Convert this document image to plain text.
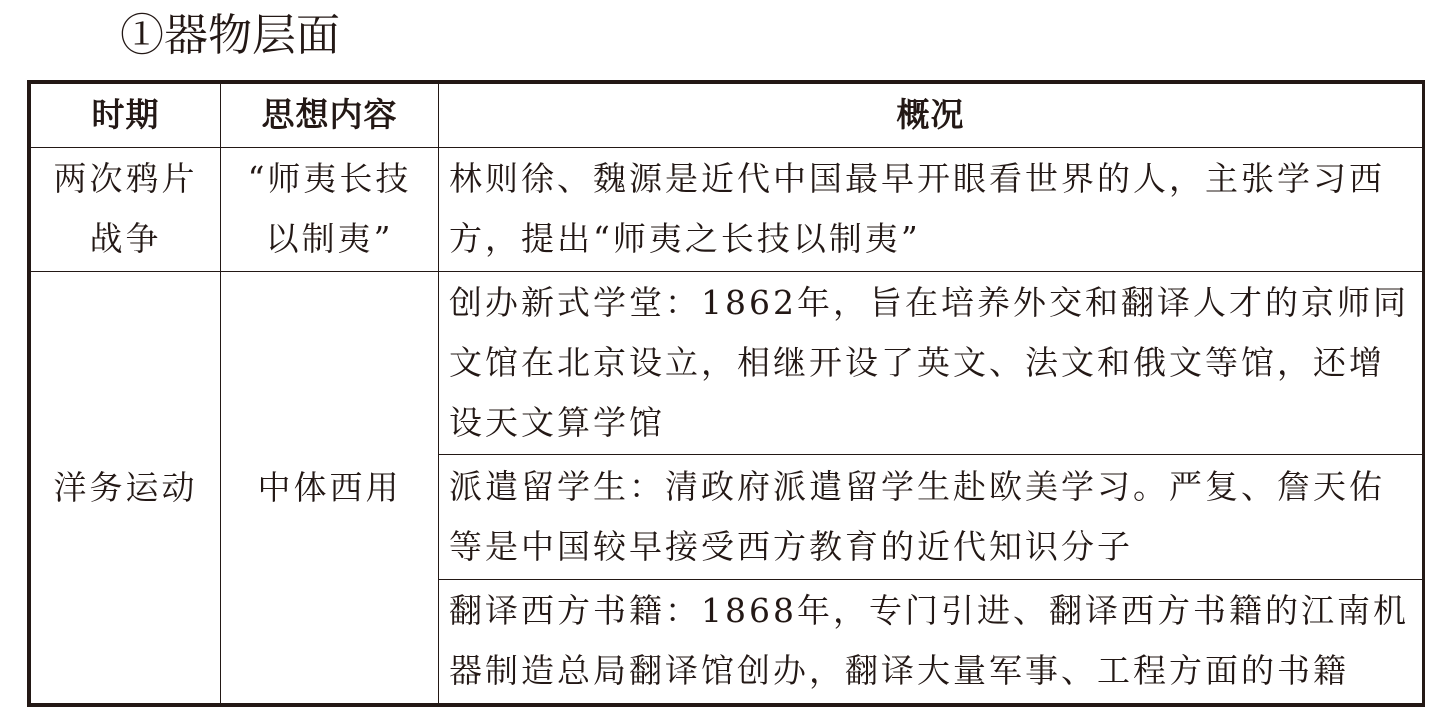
①器物层面
时期	思想内容	概况
两次鸦片战争	“师夷长技以制夷”	林则徐、魏源是近代中国最早开眼看世界的人，主张学习西方，提出“师夷之长技以制夷”
洋务运动	中体西用	创办新式学堂：1862年，旨在培养外交和翻译人才的京师同文馆在北京设立，相继开设了英文、法文和俄文等馆，还增设天文算学馆
		派遣留学生：清政府派遣留学生赴欧美学习。严复、詹天佑等是中国较早接受西方教育的近代知识分子
		翻译西方书籍：1868年，专门引进、翻译西方书籍的江南机器制造总局翻译馆创办，翻译大量军事、工程方面的书籍
